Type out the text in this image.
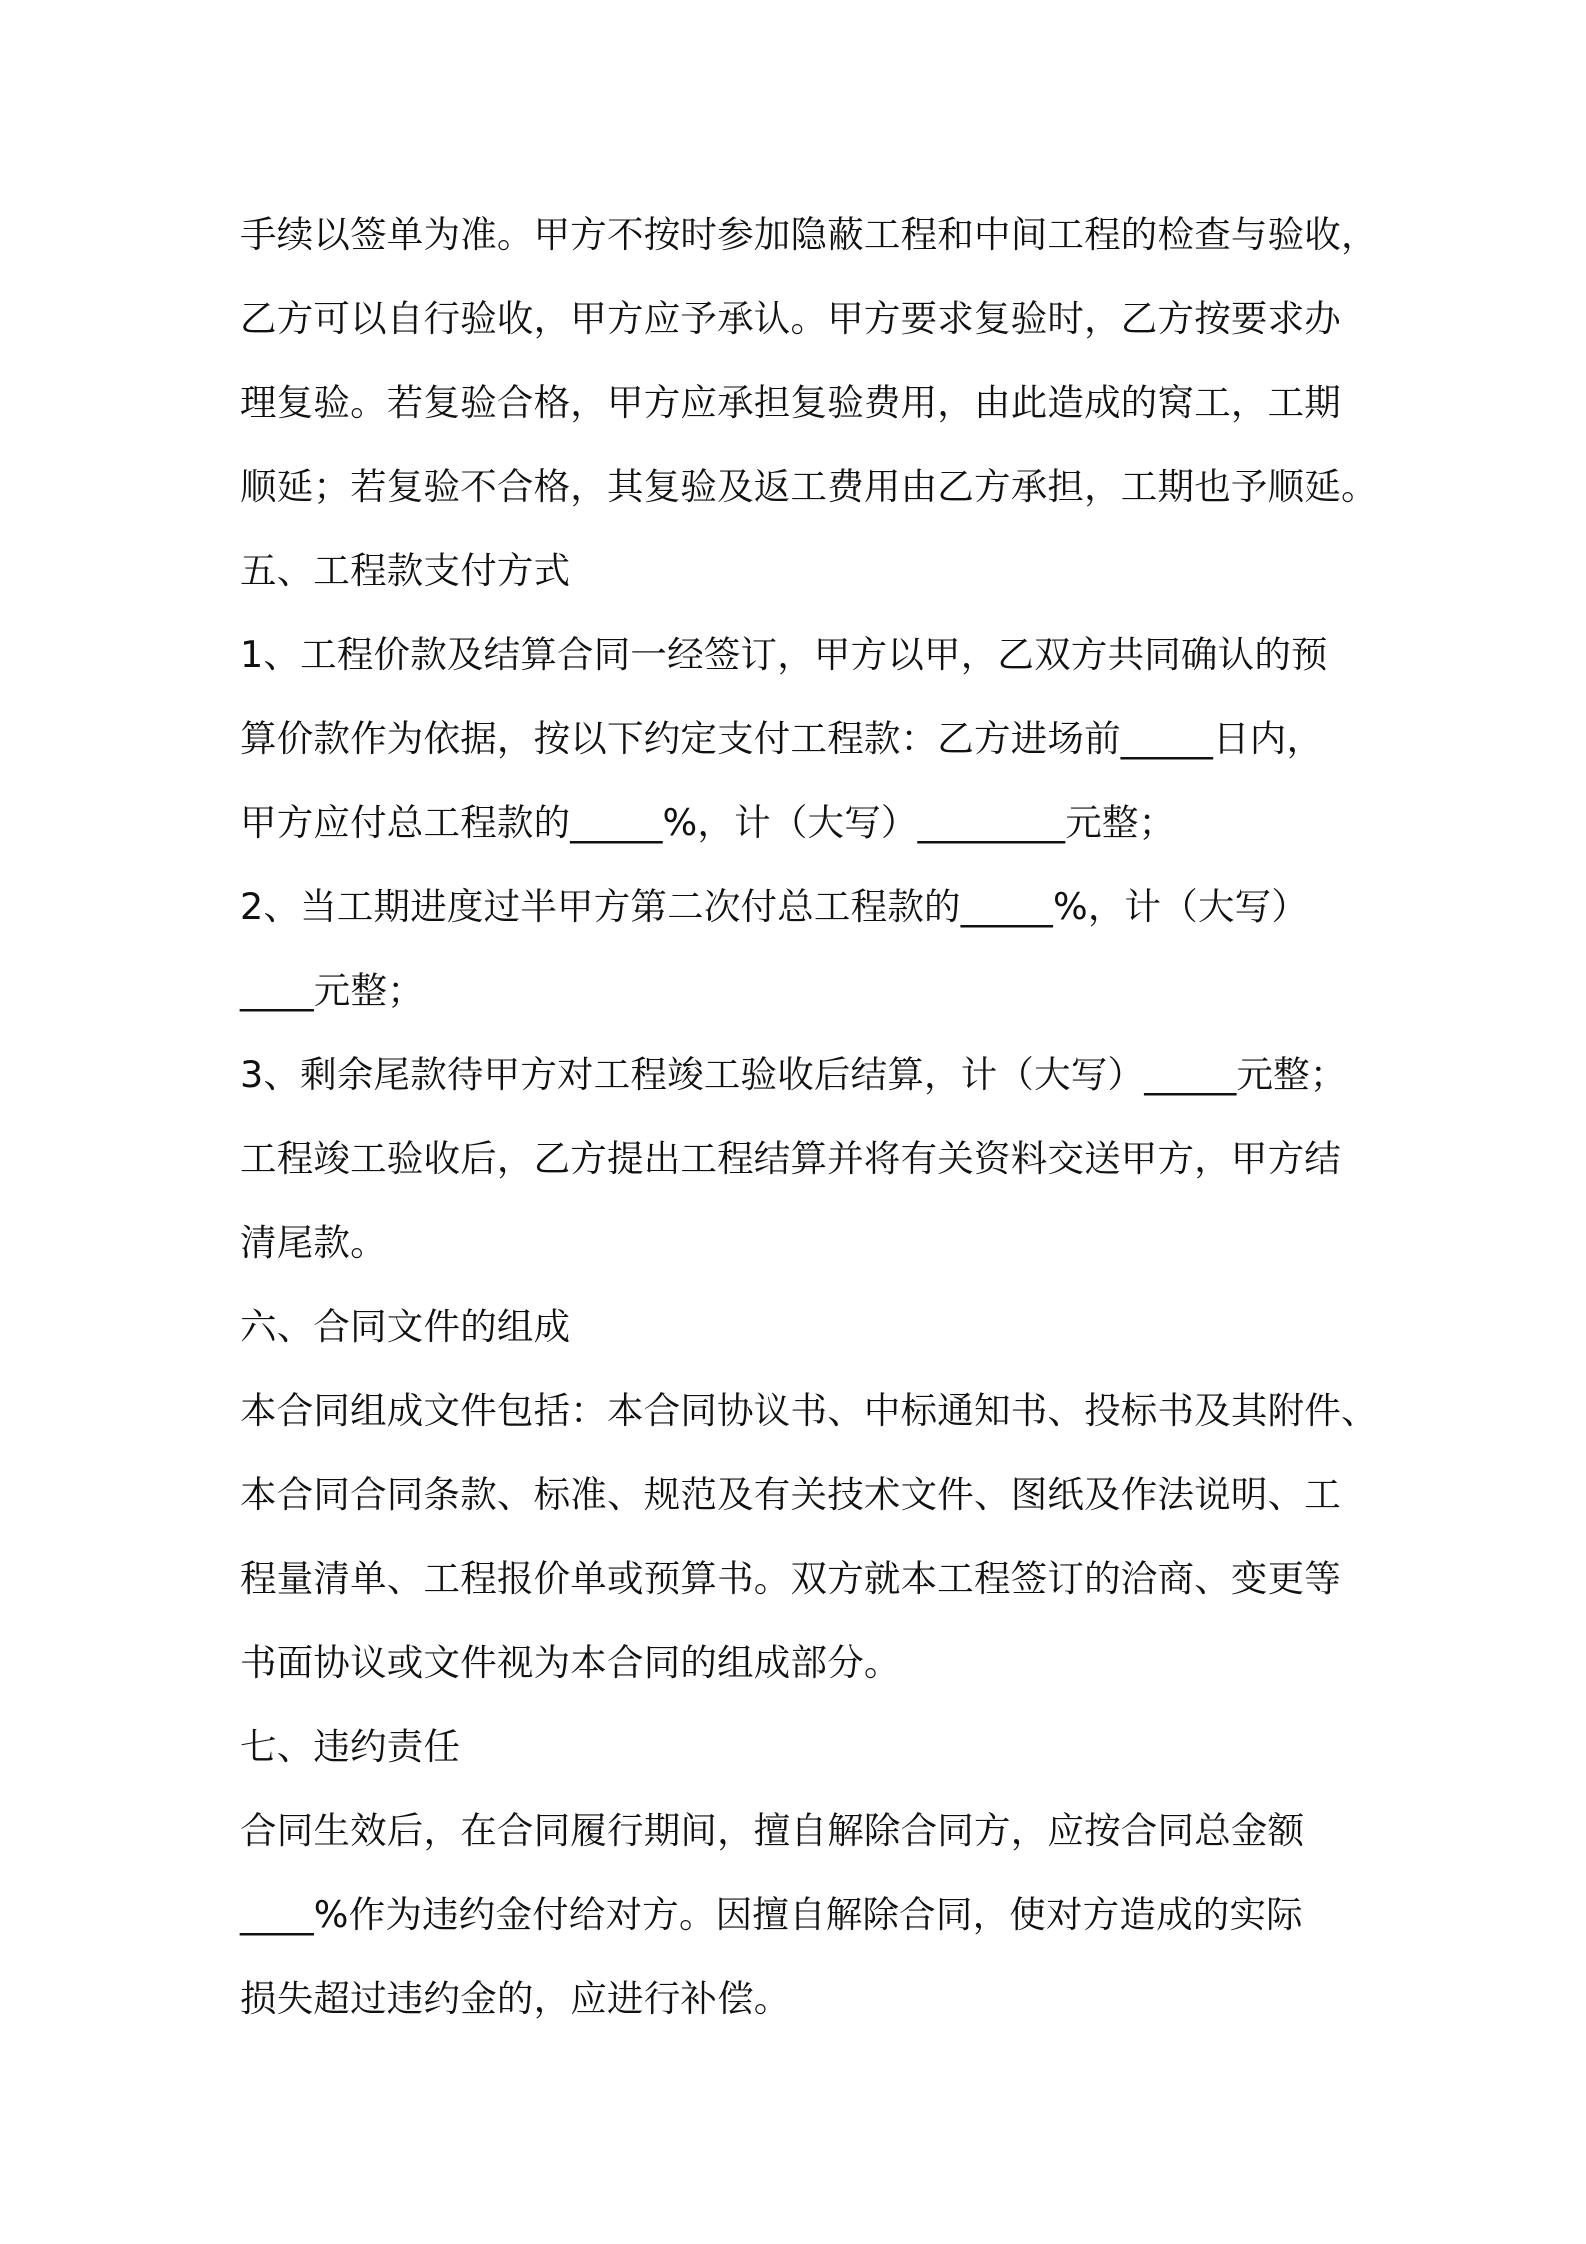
手续以签单为准。甲方不按时参加隐蔽工程和中间工程的检查与验收，
乙方可以自行验收，甲方应予承认。甲方要求复验时，乙方按要求办
理复验。若复验合格，甲方应承担复验费用，由此造成的窝工，工期
顺延；若复验不合格，其复验及返工费用由乙方承担，工期也予顺延。
五、工程款支付方式
1、工程价款及结算合同一经签订，甲方以甲，乙双方共同确认的预
算价款作为依据，按以下约定支付工程款：乙方进场前_____日内，
甲方应付总工程款的_____%，计（大写）________元整；
2、当工期进度过半甲方第二次付总工程款的_____%，计（大写）
____元整；
3、剩余尾款待甲方对工程竣工验收后结算，计（大写）_____元整；
工程竣工验收后，乙方提出工程结算并将有关资料交送甲方，甲方结
清尾款。
六、合同文件的组成
本合同组成文件包括：本合同协议书、中标通知书、投标书及其附件、
本合同合同条款、标准、规范及有关技术文件、图纸及作法说明、工
程量清单、工程报价单或预算书。双方就本工程签订的洽商、变更等
书面协议或文件视为本合同的组成部分。
七、违约责任
合同生效后，在合同履行期间，擅自解除合同方，应按合同总金额
____%作为违约金付给对方。因擅自解除合同，使对方造成的实际
损失超过违约金的，应进行补偿。
